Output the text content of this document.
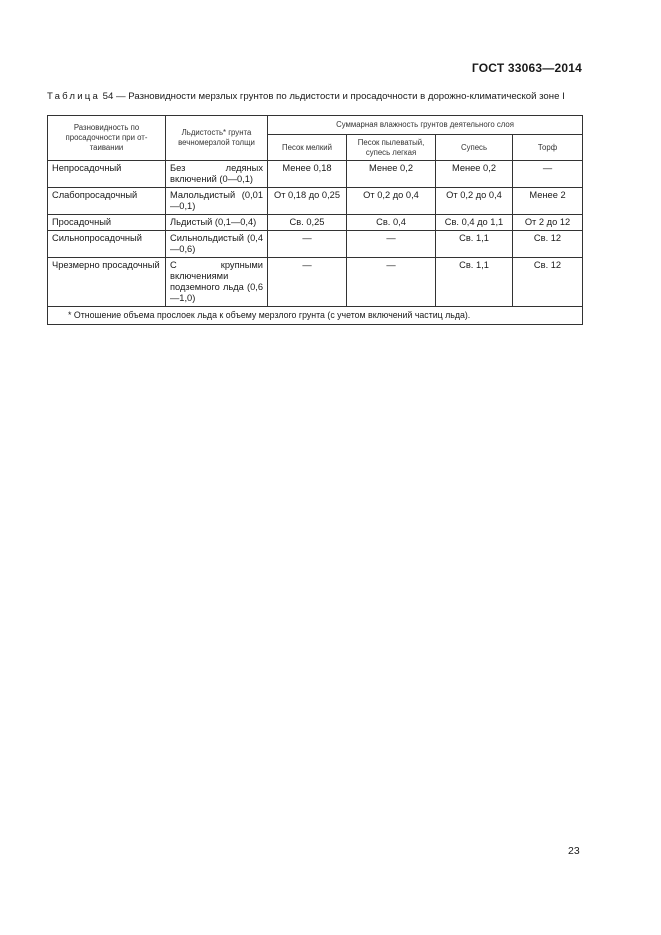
ГОСТ 33063—2014
Таблица 54 — Разновидности мерзлых грунтов по льдистости и просадочности в дорожно-климатической зоне I
Разновидность по просадочности при от-таивании	Льдистость* грунта вечномерзлой толщи	Суммарная влажность грунтов деятельного слоя			
		Песок мелкий	Песок пылеватый, супесь легкая	Супесь	Торф
Непросадочный	Без ледяных включений (0—0,1)	Менее 0,18	Менее 0,2	Менее 0,2	—
Слабопросадочный	Малольдистый (0,01—0,1)	От 0,18 до 0,25	От 0,2 до 0,4	От 0,2 до 0,4	Менее 2
Просадочный	Льдистый (0,1—0,4)	Св. 0,25	Св. 0,4	Св. 0,4 до 1,1	От 2 до 12
Сильнопросадочный	Сильнольдистый (0,4—0,6)	—	—	Св. 1,1	Св. 12
Чрезмерно просадочный	С крупными включениями подземного льда (0,6—1,0)	—	—	Св. 1,1	Св. 12
* Отношение объема прослоек льда к объему мерзлого грунта (с учетом включений частиц льда).					
23
